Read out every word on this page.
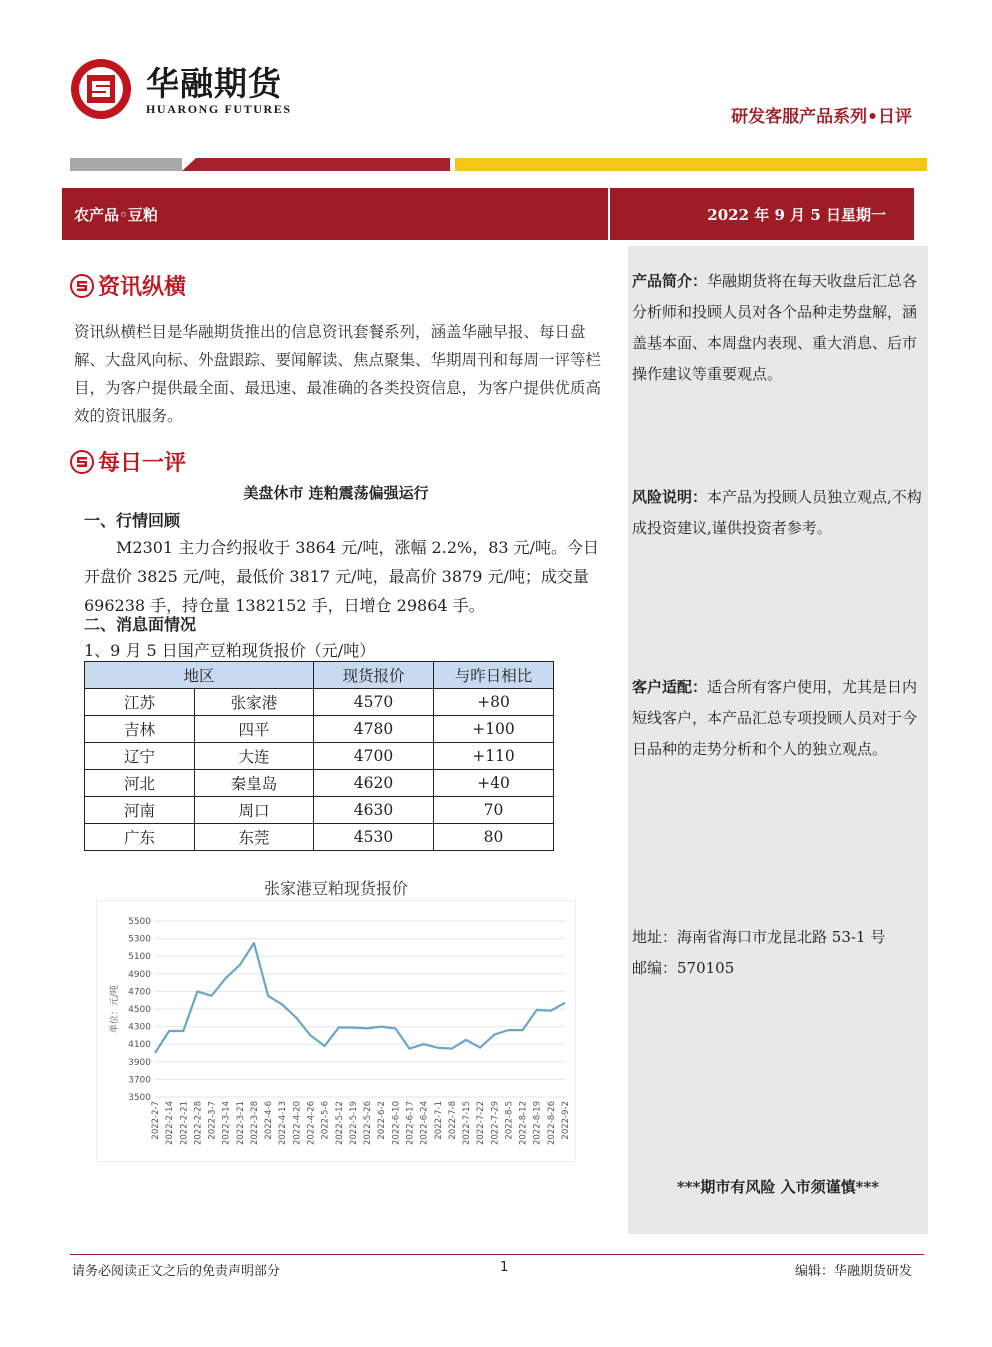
华融期货
HUARONG FUTURES	研发客服产品系列•日评
农产品◦豆粕	2022 年 9 月 5 日星期一

产品简介：华融期货将在每天收盘后汇总各分析师和投顾人员对各个品种走势盘解，涵盖基本面、本周盘内表现、重大消息、后市操作建议等重要观点。

风险说明：本产品为投顾人员独立观点,不构成投资建议,谨供投资者参考。

客户适配：适合所有客户使用，尤其是日内短线客户，本产品汇总专项投顾人员对于今日品种的走势分析和个人的独立观点。

地址：海南省海口市龙昆北路 53-1 号

邮编：570105

***期市有风险 入市须谨慎***

资讯纵横
资讯纵横栏目是华融期货推出的信息资讯套餐系列，涵盖华融早报、每日盘解、大盘风向标、外盘跟踪、要闻解读、焦点聚集、华期周刊和每周一评等栏目，为客户提供最全面、最迅速、最准确的各类投资信息，为客户提供优质高效的资讯服务。
每日一评
美盘休市 连粕震荡偏强运行
一、行情回顾
M2301 主力合约报收于 3864 元/吨，涨幅 2.2%，83 元/吨。今日开盘价 3825 元/吨，最低价 3817 元/吨，最高价 3879 元/吨；成交量 696238 手，持仓量 1382152 手，日增仓 29864 手。
二、消息面情况
1、9 月 5 日国产豆粕现货报价（元/吨）
地区		现货报价	与昨日相比
江苏	张家港	4570	+80
吉林	四平	4780	+100
辽宁	大连	4700	+110
河北	秦皇岛	4620	+40
河南	周口	4630	70
广东	东莞	4530	80
张家港豆粕现货报价
3500
3700
3900
4100
4300
4500
4700
4900
5100
5300
5500
单位：元/吨
2022-2-7 2022-2-14 2022-2-21 2022-2-28 2022-3-7 2022-3-14 2022-3-21 2022-3-28 2022-4-6 2022-4-13 2022-4-20 2022-4-26 2022-5-6 2022-5-12 2022-5-19 2022-5-26 2022-6-2 2022-6-10 2022-6-17 2022-6-24 2022-7-1 2022-7-8 2022-7-15 2022-7-22 2022-7-29 2022-8-5 2022-8-12 2022-8-19 2022-8-26 2022-9-2
请务必阅读正文之后的免责声明部分	1	编辑：华融期货研发
